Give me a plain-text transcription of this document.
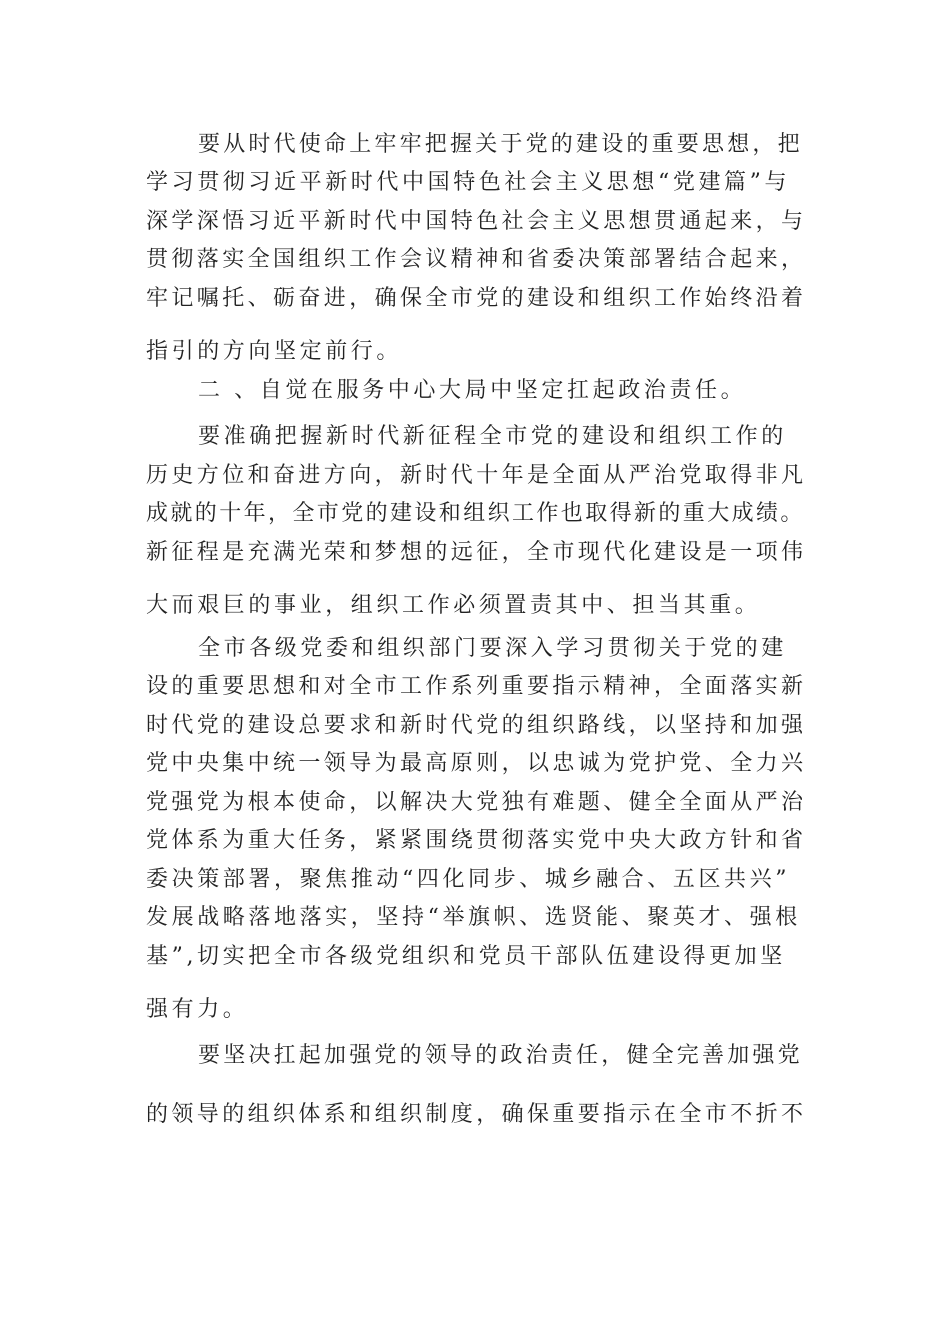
要从时代使命上牢牢把握关于党的建设的重要思想，把
学习贯彻习近平新时代中国特色社会主义思想“党建篇”与
深学深悟习近平新时代中国特色社会主义思想贯通起来，与
贯彻落实全国组织工作会议精神和省委决策部署结合起来，
牢记嘱托、砺奋进，确保全市党的建设和组织工作始终沿着
指引的方向坚定前行。
二 、自觉在服务中心大局中坚定扛起政治责任。
要准确把握新时代新征程全市党的建设和组织工作的
历史方位和奋进方向，新时代十年是全面从严治党取得非凡
成就的十年，全市党的建设和组织工作也取得新的重大成绩。
新征程是充满光荣和梦想的远征，全市现代化建设是一项伟
大而艰巨的事业，组织工作必须置责其中、担当其重。
全市各级党委和组织部门要深入学习贯彻关于党的建
设的重要思想和对全市工作系列重要指示精神，全面落实新
时代党的建设总要求和新时代党的组织路线，以坚持和加强
党中央集中统一领导为最高原则，以忠诚为党护党、全力兴
党强党为根本使命，以解决大党独有难题、健全全面从严治
党体系为重大任务，紧紧围绕贯彻落实党中央大政方针和省
委决策部署，聚焦推动“四化同步、城乡融合、五区共兴”
发展战略落地落实，坚持“举旗帜、选贤能、聚英才、强根
基”,切实把全市各级党组织和党员干部队伍建设得更加坚
强有力。
要坚决扛起加强党的领导的政治责任，健全完善加强党
的领导的组织体系和组织制度，确保重要指示在全市不折不
